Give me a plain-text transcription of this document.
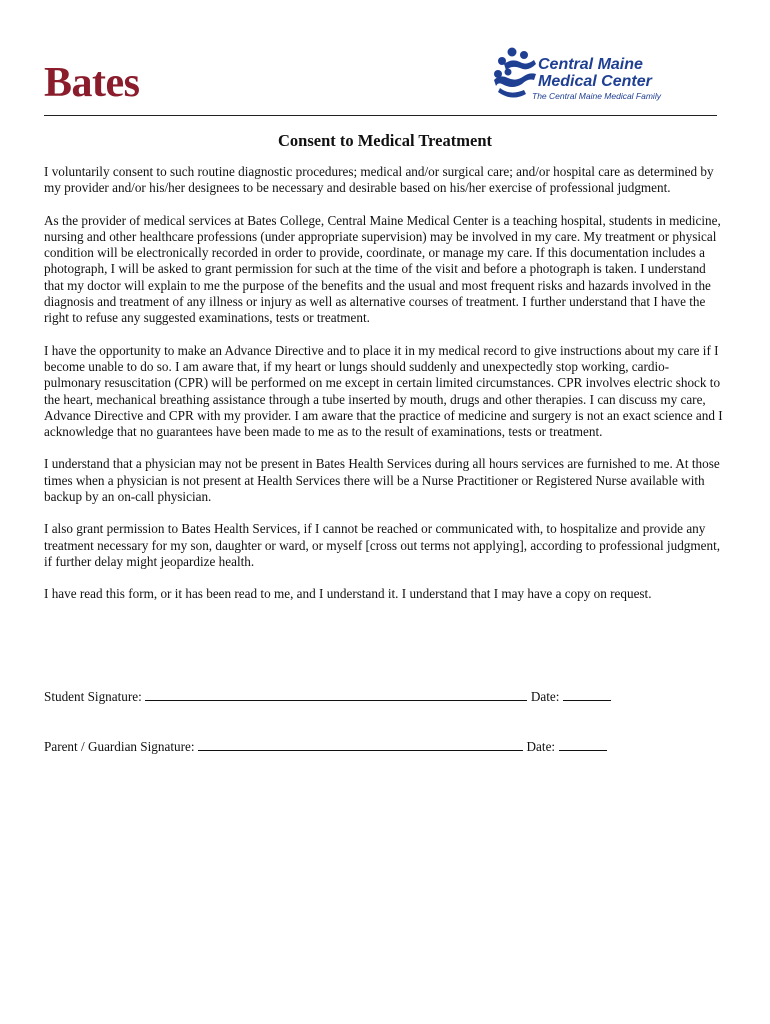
Bates	Central Maine
Medical Center
The Central Maine Medical Family
Consent to Medical Treatment

I voluntarily consent to such routine diagnostic procedures; medical and/or surgical care; and/or hospital care as determined by my provider and/or his/her designees to be necessary and desirable based on his/her exercise of professional judgment.

As the provider of medical services at Bates College, Central Maine Medical Center is a teaching hospital, students in medicine, nursing and other healthcare professions (under appropriate supervision) may be involved in my care. My treatment or physical condition will be electronically recorded in order to provide, coordinate, or manage my care. If this documentation includes a photograph, I will be asked to grant permission for such at the time of the visit and before a photograph is taken. I understand that my doctor will explain to me the purpose of the benefits and the usual and most frequent risks and hazards involved in the diagnosis and treatment of any illness or injury as well as alternative courses of treatment. I further understand that I have the right to refuse any suggested examinations, tests or treatment.

I have the opportunity to make an Advance Directive and to place it in my medical record to give instructions about my care if I become unable to do so. I am aware that, if my heart or lungs should suddenly and unexpectedly stop working, cardio-pulmonary resuscitation (CPR) will be performed on me except in certain limited circumstances. CPR involves electric shock to the heart, mechanical breathing assistance through a tube inserted by mouth, drugs and other therapies. I can discuss my care, Advance Directive and CPR with my provider. I am aware that the practice of medicine and surgery is not an exact science and I acknowledge that no guarantees have been made to me as to the result of examinations, tests or treatment.

I understand that a physician may not be present in Bates Health Services during all hours services are furnished to me. At those times when a physician is not present at Health Services there will be a Nurse Practitioner or Registered Nurse available with backup by an on-call physician.

I also grant permission to Bates Health Services, if I cannot be reached or communicated with, to hospitalize and provide any treatment necessary for my son, daughter or ward, or myself [cross out terms not applying], according to professional judgment, if further delay might jeopardize health.

I have read this form, or it has been read to me, and I understand it. I understand that I may have a copy on request.

Student Signature:	Date:
Parent / Guardian Signature:	Date:
